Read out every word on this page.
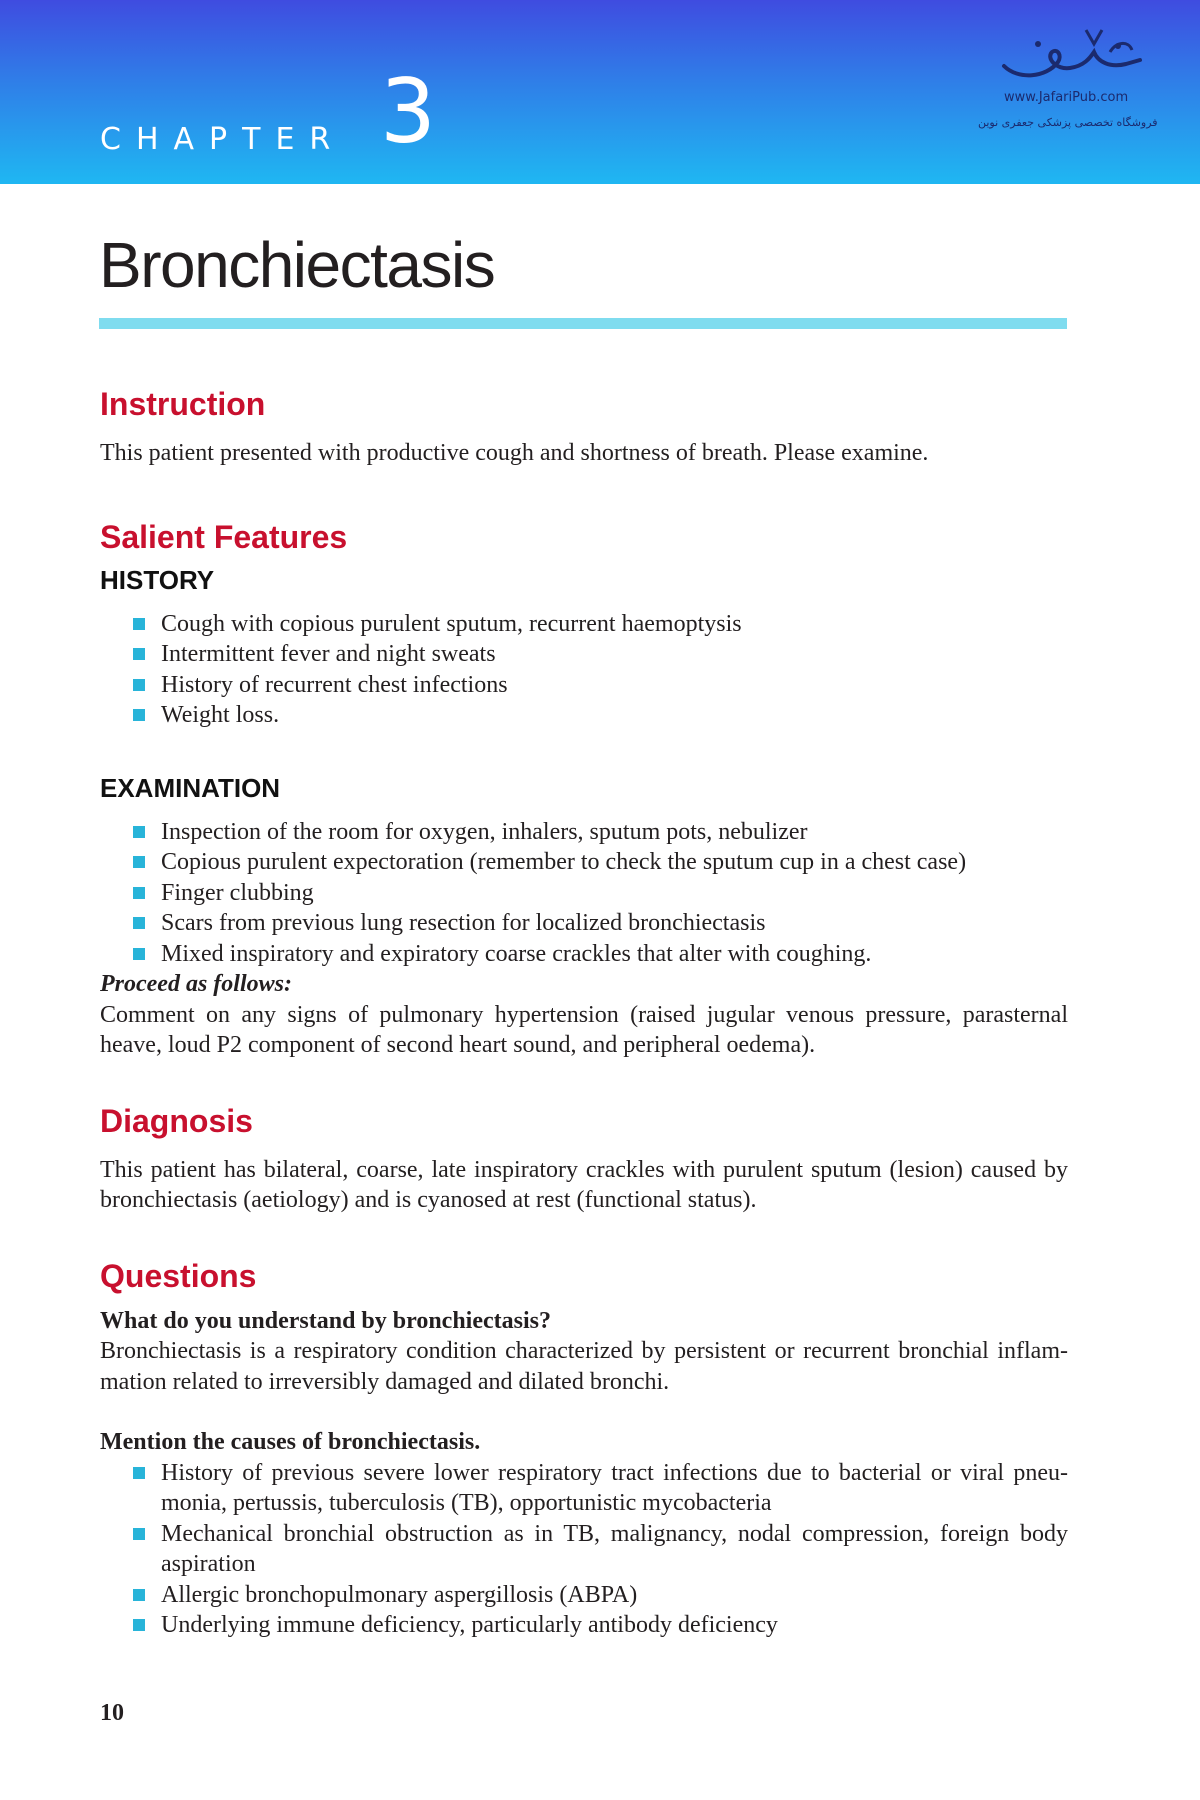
CHAPTER 3	www.JafariPub.com
فروشگاه تخصصی پزشکی جعفری نوین
Bronchiectasis
Instruction

This patient presented with productive cough and shortness of breath. Please examine.

Salient Features
HISTORY
Cough with copious purulent sputum, recurrent haemoptysis
Intermittent fever and night sweats
History of recurrent chest infections
Weight loss.
EXAMINATION
Inspection of the room for oxygen, inhalers, sputum pots, nebulizer
Copious purulent expectoration (remember to check the sputum cup in a chest case)
Finger clubbing
Scars from previous lung resection for localized bronchiectasis
Mixed inspiratory and expiratory coarse crackles that alter with coughing.

Proceed as follows:

Comment on any signs of pulmonary hypertension (raised jugular venous pressure, parasternal heave, loud P2 component of second heart sound, and peripheral oedema).

Diagnosis

This patient has bilateral, coarse, late inspiratory crackles with purulent sputum (lesion) caused by bronchiectasis (aetiology) and is cyanosed at rest (functional status).

Questions

What do you understand by bronchiectasis?

Bronchiectasis is a respiratory condition characterized by persistent or recurrent bronchial inflammation related to irreversibly damaged and dilated bronchi.

Mention the causes of bronchiectasis.

History of previous severe lower respiratory tract infections due to bacterial or viral pneumonia, pertussis, tuberculosis (TB), opportunistic mycobacteria
Mechanical bronchial obstruction as in TB, malignancy, nodal compression, foreign body aspiration
Allergic bronchopulmonary aspergillosis (ABPA)
Underlying immune deficiency, particularly antibody deficiency
10
